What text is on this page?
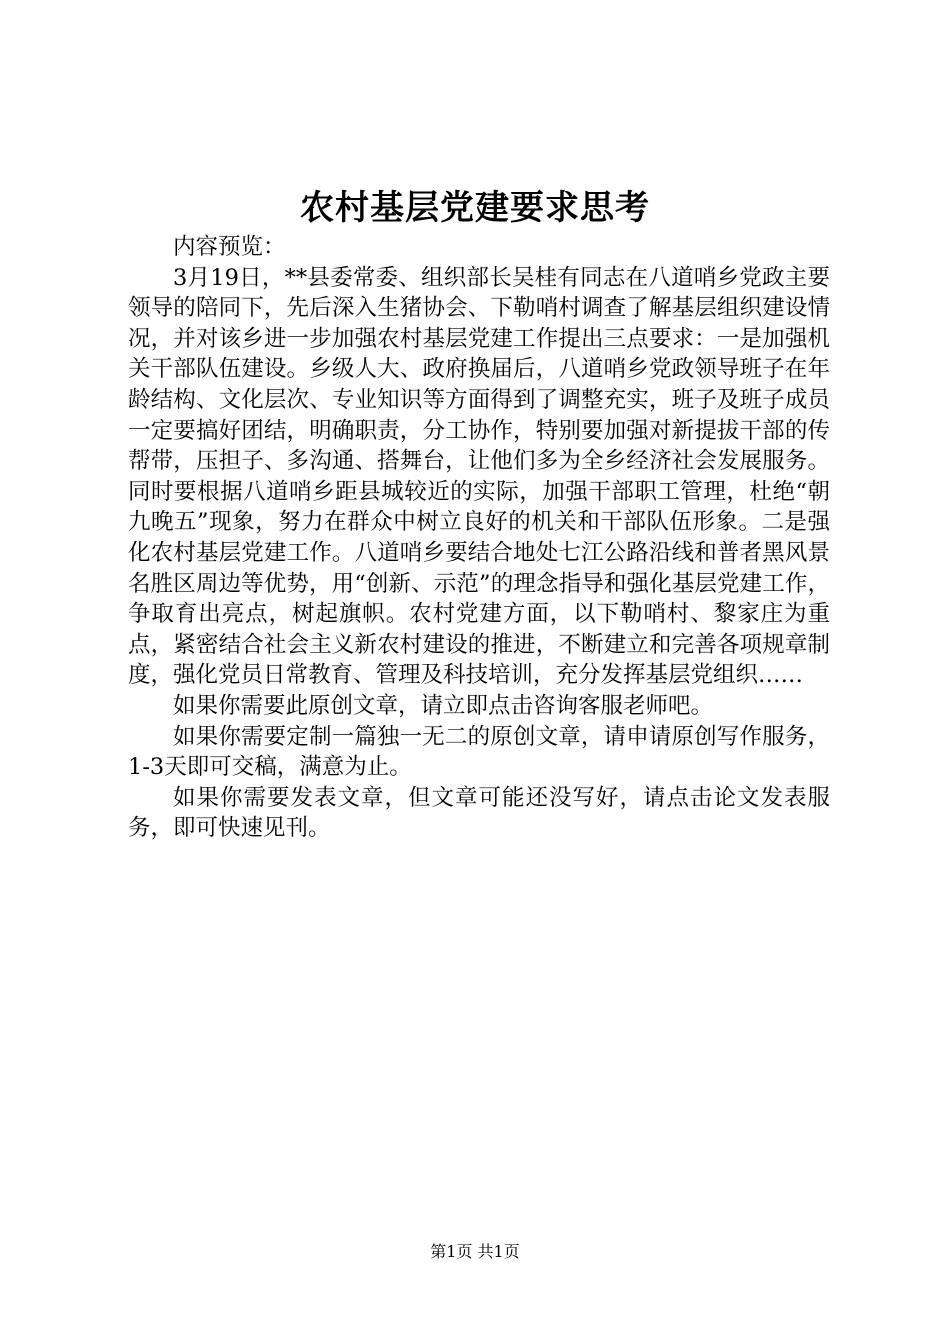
农村基层党建要求思考

内容预览：

3月19日，**县委常委、组织部长吴桂有同志在八道哨乡党政主要领导的陪同下，先后深入生猪协会、下勒哨村调查了解基层组织建设情况，并对该乡进一步加强农村基层党建工作提出三点要求：一是加强机关干部队伍建设。乡级人大、政府换届后，八道哨乡党政领导班子在年龄结构、文化层次、专业知识等方面得到了调整充实，班子及班子成员一定要搞好团结，明确职责，分工协作，特别要加强对新提拔干部的传帮带，压担子、多沟通、搭舞台，让他们多为全乡经济社会发展服务。同时要根据八道哨乡距县城较近的实际，加强干部职工管理，杜绝“朝九晚五”现象，努力在群众中树立良好的机关和干部队伍形象。二是强化农村基层党建工作。八道哨乡要结合地处七江公路沿线和普者黑风景名胜区周边等优势，用“创新、示范”的理念指导和强化基层党建工作，争取育出亮点，树起旗帜。农村党建方面，以下勒哨村、黎家庄为重点，紧密结合社会主义新农村建设的推进，不断建立和完善各项规章制度，强化党员日常教育、管理及科技培训，充分发挥基层党组织……

如果你需要此原创文章，请立即点击咨询客服老师吧。

如果你需要定制一篇独一无二的原创文章，请申请原创写作服务，1-3天即可交稿，满意为止。

如果你需要发表文章，但文章可能还没写好，请点击论文发表服务，即可快速见刊。

第1页 共1页
